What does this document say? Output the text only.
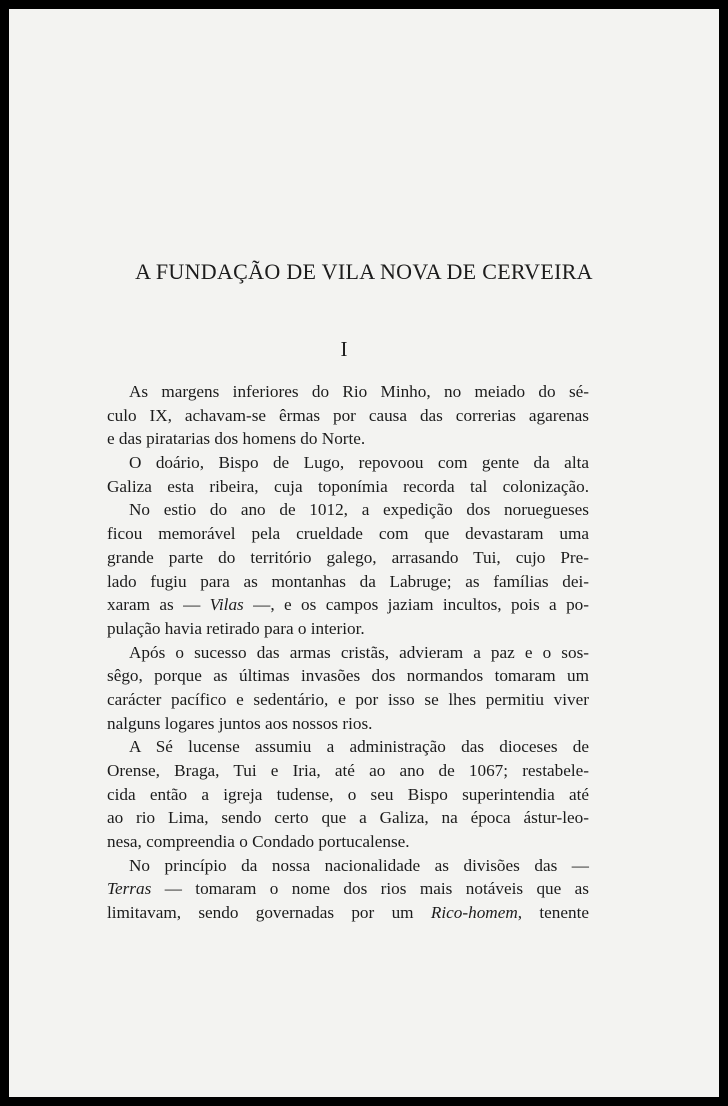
A FUNDAÇÃO DE VILA NOVA DE CERVEIRA
I
As margens inferiores do Rio Minho, no meiado do sé-
culo IX, achavam-se êrmas por causa das correrias agarenas
e das piratarias dos homens do Norte.
O doário, Bispo de Lugo, repovoou com gente da alta
Galiza esta ribeira, cuja toponímia recorda tal colonização.
No estio do ano de 1012, a expedição dos noruegueses
ficou memorável pela crueldade com que devastaram uma
grande parte do território galego, arrasando Tui, cujo Pre-
lado fugiu para as montanhas da Labruge; as famílias dei-
xaram as — Vilas —, e os campos jaziam incultos, pois a po-
pulação havia retirado para o interior.
Após o sucesso das armas cristãs, advieram a paz e o sos-
sêgo, porque as últimas invasões dos normandos tomaram um
carácter pacífico e sedentário, e por isso se lhes permitiu viver
nalguns logares juntos aos nossos rios.
A Sé lucense assumiu a administração das dioceses de
Orense, Braga, Tui e Iria, até ao ano de 1067; restabele-
cida então a igreja tudense, o seu Bispo superintendia até
ao rio Lima, sendo certo que a Galiza, na época ástur-leo-
nesa, compreendia o Condado portucalense.
No princípio da nossa nacionalidade as divisões das —
Terras — tomaram o nome dos rios mais notáveis que as
limitavam, sendo governadas por um Rico-homem, tenente
